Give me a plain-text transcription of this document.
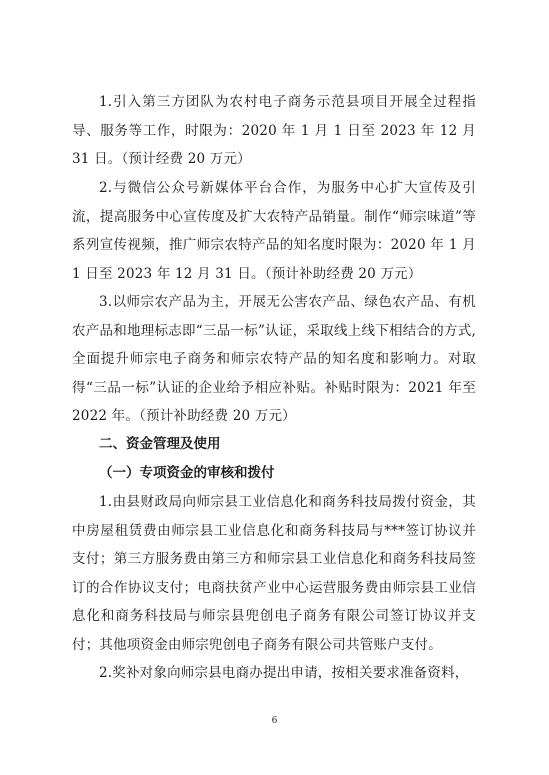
1.引入第三方团队为农村电子商务示范县项目开展全过程指导、服务等工作，时限为：2020 年 1 月 1 日至 2023 年 12 月 31 日。（预计经费 20 万元）

2.与微信公众号新媒体平台合作，为服务中心扩大宣传及引流，提高服务中心宣传度及扩大农特产品销量。制作“师宗味道”等系列宣传视频，推广师宗农特产品的知名度时限为：2020 年 1 月 1 日至 2023 年 12 月 31 日。（预计补助经费 20 万元）

3.以师宗农产品为主，开展无公害农产品、绿色农产品、有机农产品和地理标志即“三品一标”认证，采取线上线下相结合的方式,全面提升师宗电子商务和师宗农特产品的知名度和影响力。对取得“三品一标”认证的企业给予相应补贴。补贴时限为：2021 年至 2022 年。（预计补助经费 20 万元）

二、资金管理及使用
（一）专项资金的审核和拨付

1.由县财政局向师宗县工业信息化和商务科技局拨付资金，其中房屋租赁费由师宗县工业信息化和商务科技局与***签订协议并支付；第三方服务费由第三方和师宗县工业信息化和商务科技局签订的合作协议支付；电商扶贫产业中心运营服务费由师宗县工业信息化和商务科技局与师宗县兜创电子商务有限公司签订协议并支付；其他项资金由师宗兜创电子商务有限公司共管账户支付。

2.奖补对象向师宗县电商办提出申请，按相关要求准备资料，

6
